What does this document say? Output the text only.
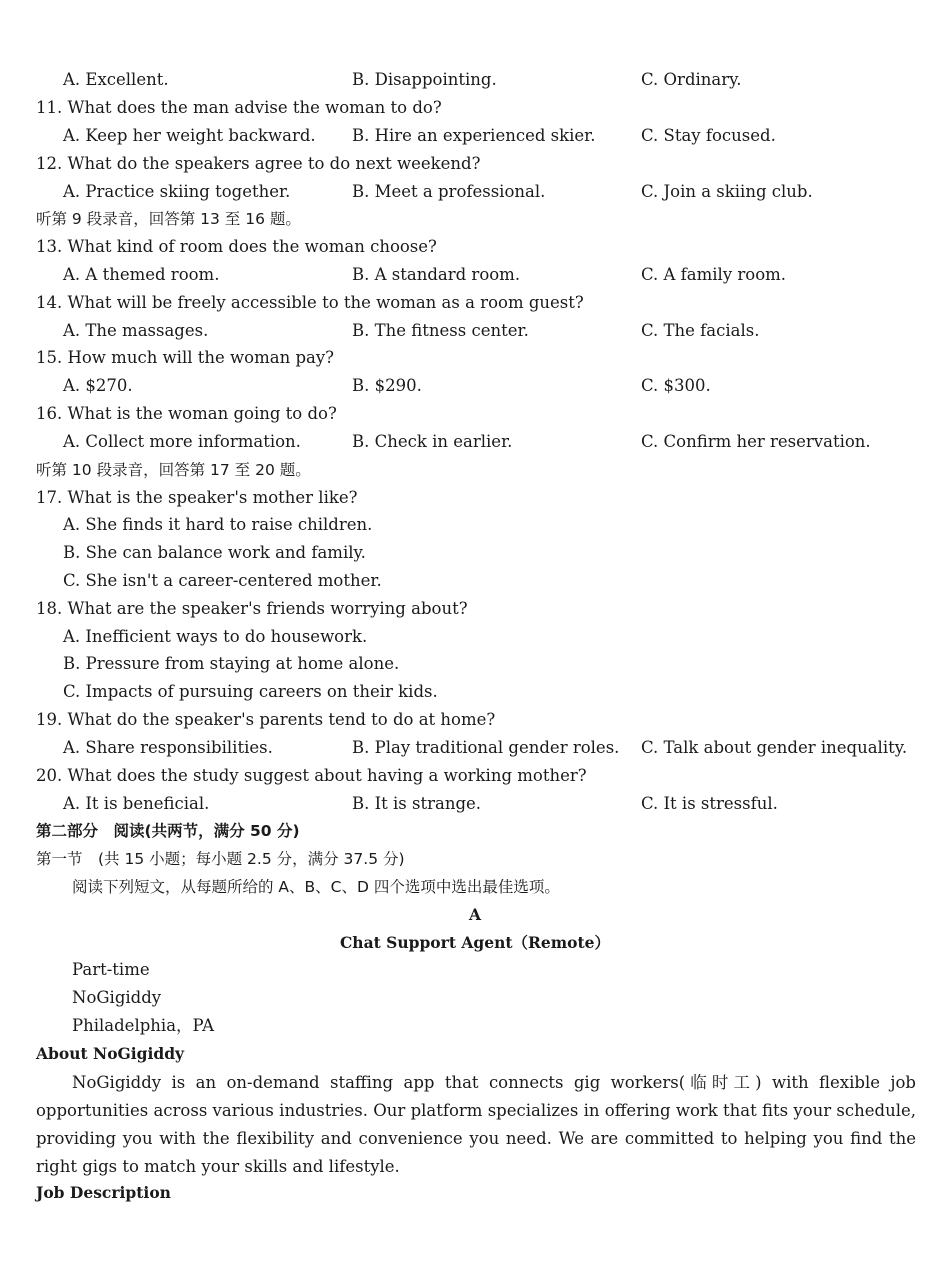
A. Excellent.	B. Disappointing.	C. Ordinary.
11. What does the man advise the woman to do?
A. Keep her weight backward. B. Hire an experienced skier.	C. Stay focused.
12. What do the speakers agree to do next weekend?
A. Practice skiing together.	B. Meet a professional.	C. Join a skiing club.
听第 9 段录音，回答第 13 至 16 题。
13. What kind of room does the woman choose?
A. A themed room.	B. A standard room.	C. A family room.
14. What will be freely accessible to the woman as a room guest?
A. The massages.	B. The fitness center.	C. The facials.
15. How much will the woman pay?
A. $270.	B. $290.	C. $300.
16. What is the woman going to do?
A. Collect more information.	B. Check in earlier.	C. Confirm her reservation.
听第 10 段录音，回答第 17 至 20 题。
17. What is the speaker's mother like?
A. She finds it hard to raise children.
B. She can balance work and family.
C. She isn't a career-centered mother.
18. What are the speaker's friends worrying about?
A. Inefficient ways to do housework.
B. Pressure from staying at home alone.
C. Impacts of pursuing careers on their kids.
19. What do the speaker's parents tend to do at home?
A. Share responsibilities.	B. Play traditional gender roles. C. Talk about gender inequality.
20. What does the study suggest about having a working mother?
A. It is beneficial.	B. It is strange.	C. It is stressful.
第二部分　阅读(共两节，满分 50 分)
第一节　(共 15 小题；每小题 2.5 分，满分 37.5 分)
阅读下列短文，从每题所给的 A、B、C、D 四个选项中选出最佳选项。
A
Chat Support Agent（Remote）
Part-time
NoGigiddy
Philadelphia，PA
About NoGigiddy
NoGigiddy is an on-demand staffing app that connects gig workers(临时工) with flexible job opportunities across various industries. Our platform specializes in offering work that fits your schedule, providing you with the flexibility and convenience you need. We are committed to helping you find the right gigs to match your skills and lifestyle.
Job Description
